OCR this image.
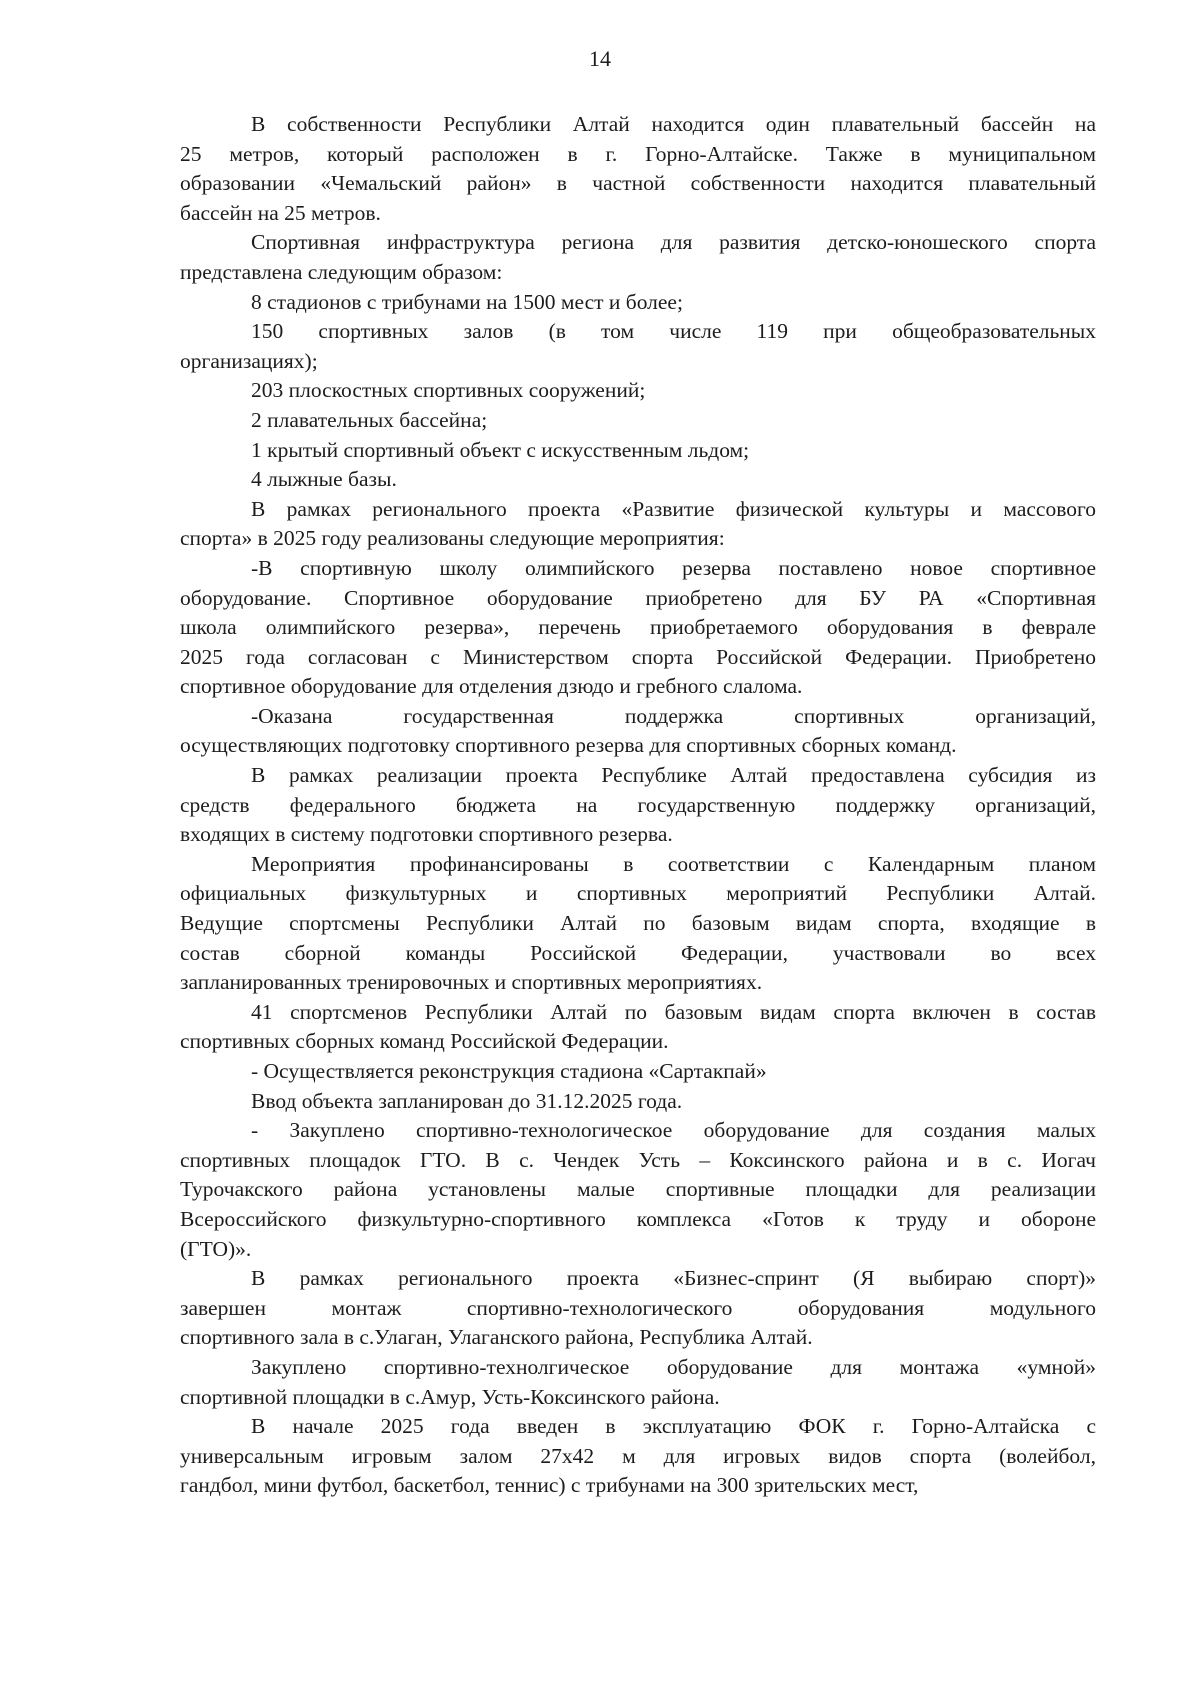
14
В собственности Республики Алтай находится один плавательный бассейн на
25 метров, который расположен в г. Горно-Алтайске. Также в муниципальном
образовании «Чемальский район» в частной собственности находится плавательный
бассейн на 25 метров.
Спортивная инфраструктура региона для развития детско-юношеского спорта
представлена следующим образом:
8 стадионов с трибунами на 1500 мест и более;
150 спортивных залов (в том числе 119 при общеобразовательных
организациях);
203 плоскостных спортивных сооружений;
2 плавательных бассейна;
1 крытый спортивный объект с искусственным льдом;
4 лыжные базы.
В рамках регионального проекта «Развитие физической культуры и массового
спорта» в 2025 году реализованы следующие мероприятия:
-В спортивную школу олимпийского резерва поставлено новое спортивное
оборудование. Спортивное оборудование приобретено для БУ РА «Спортивная
школа олимпийского резерва», перечень приобретаемого оборудования в феврале
2025 года согласован с Министерством спорта Российской Федерации. Приобретено
спортивное оборудование для отделения дзюдо и гребного слалома.
-Оказана государственная поддержка спортивных организаций,
осуществляющих подготовку спортивного резерва для спортивных сборных команд.
В рамках реализации проекта Республике Алтай предоставлена субсидия из
средств федерального бюджета на государственную поддержку организаций,
входящих в систему подготовки спортивного резерва.
Мероприятия профинансированы в соответствии с Календарным планом
официальных физкультурных и спортивных мероприятий Республики Алтай.
Ведущие спортсмены Республики Алтай по базовым видам спорта, входящие в
состав сборной команды Российской Федерации, участвовали во всех
запланированных тренировочных и спортивных мероприятиях.
41 спортсменов Республики Алтай по базовым видам спорта включен в состав
спортивных сборных команд Российской Федерации.
- Осуществляется реконструкция стадиона «Сартакпай»
Ввод объекта запланирован до 31.12.2025 года.
- Закуплено спортивно-технологическое оборудование для создания малых
спортивных площадок ГТО. В с. Чендек Усть – Коксинского района и в с. Иогач
Турочакского района установлены малые спортивные площадки для реализации
Всероссийского физкультурно-спортивного комплекса «Готов к труду и обороне
(ГТО)».
В рамках регионального проекта «Бизнес-спринт (Я выбираю спорт)»
завершен монтаж спортивно-технологического оборудования модульного
спортивного зала в с.Улаган, Улаганского района, Республика Алтай.
Закуплено спортивно-технолгическое оборудование для монтажа «умной»
спортивной площадки в с.Амур, Усть-Коксинского района.
В начале 2025 года введен в эксплуатацию ФОК г. Горно-Алтайска с
универсальным игровым залом 27х42 м для игровых видов спорта (волейбол,
гандбол, мини футбол, баскетбол, теннис) с трибунами на 300 зрительских мест,
